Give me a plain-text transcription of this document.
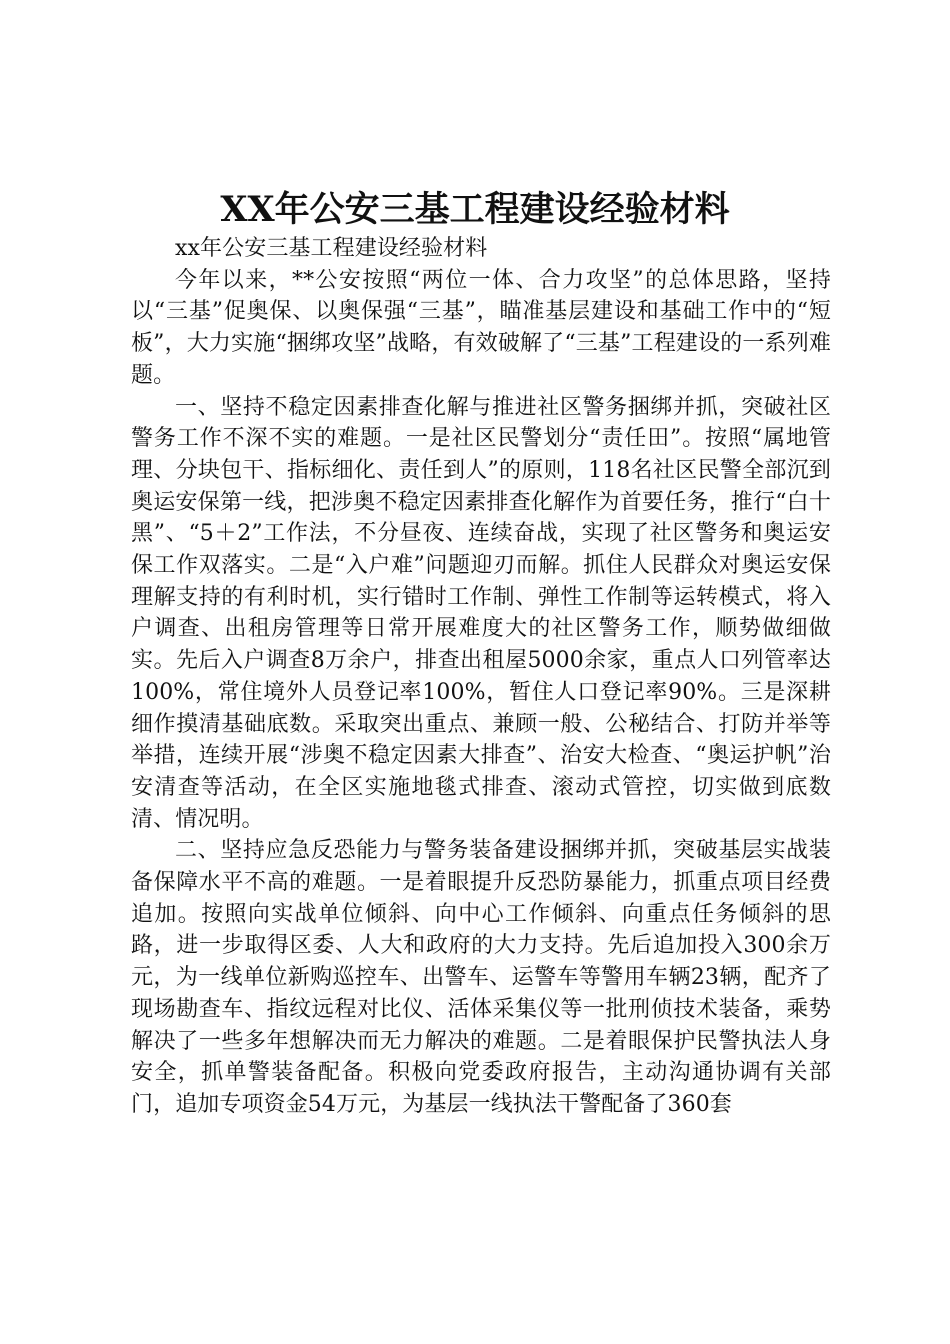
XX年公安三基工程建设经验材料

xx年公安三基工程建设经验材料

今年以来，**公安按照“两位一体、合力攻坚”的总体思路，坚持以“三基”促奥保、以奥保强“三基”，瞄准基层建设和基础工作中的“短板”，大力实施“捆绑攻坚”战略，有效破解了“三基”工程建设的一系列难题。

一、坚持不稳定因素排查化解与推进社区警务捆绑并抓，突破社区警务工作不深不实的难题。一是社区民警划分“责任田”。按照“属地管理、分块包干、指标细化、责任到人”的原则，118名社区民警全部沉到奥运安保第一线，把涉奥不稳定因素排查化解作为首要任务，推行“白十黑”、“5＋2”工作法，不分昼夜、连续奋战，实现了社区警务和奥运安保工作双落实。二是“入户难”问题迎刃而解。抓住人民群众对奥运安保理解支持的有利时机，实行错时工作制、弹性工作制等运转模式，将入户调查、出租房管理等日常开展难度大的社区警务工作，顺势做细做实。先后入户调查8万余户，排查出租屋5000余家，重点人口列管率达100%，常住境外人员登记率100%，暂住人口登记率90%。三是深耕细作摸清基础底数。采取突出重点、兼顾一般、公秘结合、打防并举等举措，连续开展“涉奥不稳定因素大排查”、治安大检查、“奥运护帆”治安清查等活动，在全区实施地毯式排查、滚动式管控，切实做到底数清、情况明。

二、坚持应急反恐能力与警务装备建设捆绑并抓，突破基层实战装备保障水平不高的难题。一是着眼提升反恐防暴能力，抓重点项目经费追加。按照向实战单位倾斜、向中心工作倾斜、向重点任务倾斜的思路，进一步取得区委、人大和政府的大力支持。先后追加投入300余万元，为一线单位新购巡控车、出警车、运警车等警用车辆23辆，配齐了现场勘查车、指纹远程对比仪、活体采集仪等一批刑侦技术装备，乘势解决了一些多年想解决而无力解决的难题。二是着眼保护民警执法人身安全，抓单警装备配备。积极向党委政府报告，主动沟通协调有关部门，追加专项资金54万元，为基层一线执法干警配备了360套
